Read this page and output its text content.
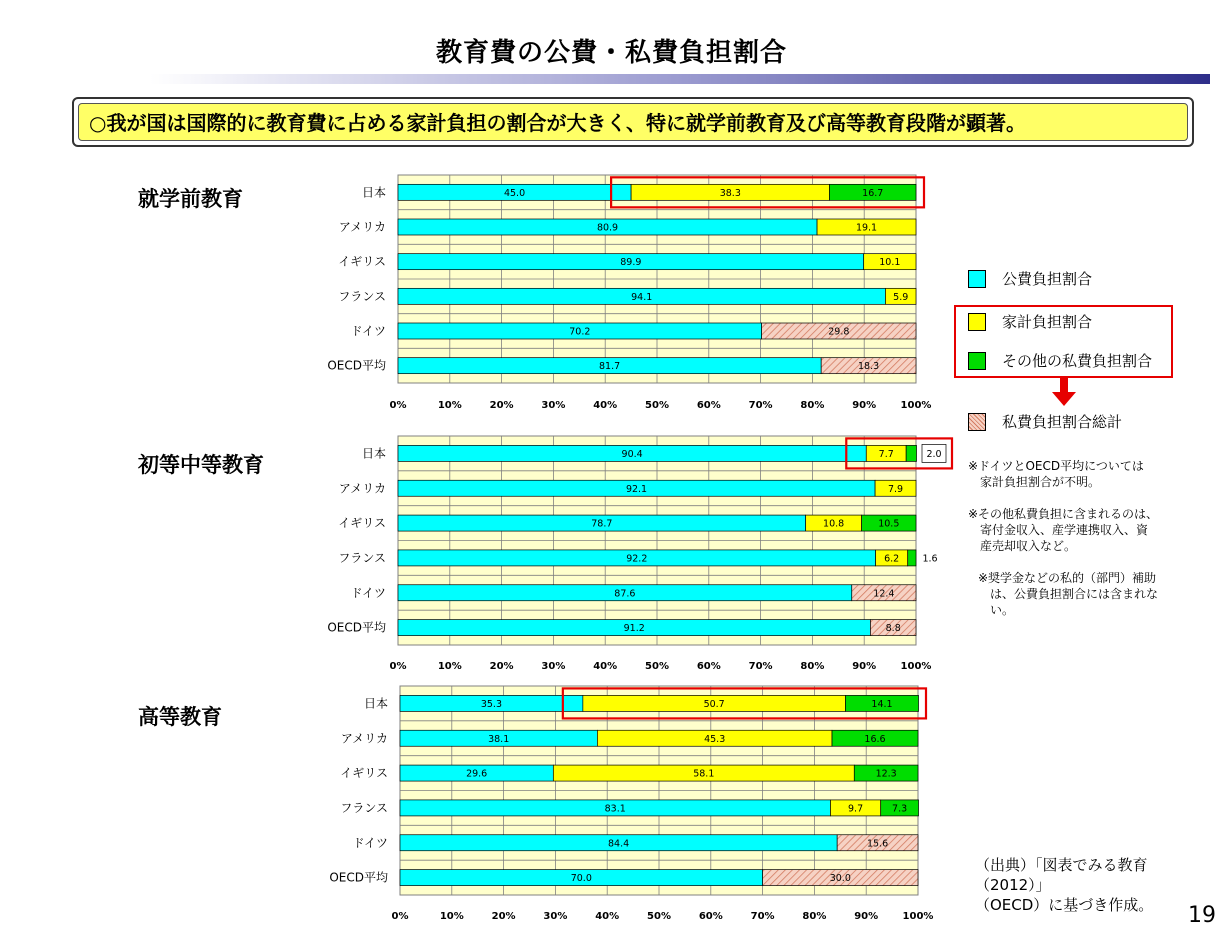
教育費の公費・私費負担割合
○我が国は国際的に教育費に占める家計負担の割合が大きく、特に就学前教育及び高等教育段階が顕著。
就学前教育
初等中等教育
高等教育
0%	10%	20%	30%	40%	50%	60%	70%	80%	90% 100%
日本	45.0	38.3	16.7
アメリカ	80.9	19.1
イギリス	89.9	10.1
フランス	94.1	5.9
ドイツ	70.2	29.8
OECD平均	81.7	18.3
0%	10%	20%	30%	40%	50%	60%	70%	80%	90% 100%
日本	90.4	7.7	2.0
アメリカ	92.1	7.9
イギリス	78.7	10.8	10.5
フランス	92.2	6.2 1.6
ドイツ	87.6	12.4
OECD平均	91.2	8.8
0%	10%	20%	30%	40%	50%	60%	70%	80%	90% 100%
日本	35.3	50.7	14.1
アメリカ	38.1	45.3	16.6
イギリス	29.6	58.1	12.3
フランス	83.1	9.7	7.3
ドイツ	84.4	15.6
OECD平均	70.0	30.0
公費負担割合
家計負担割合
その他の私費負担割合
私費負担割合総計
※ドイツとOECD平均については
　家計負担割合が不明。
※その他私費負担に含まれるのは、
　寄付金収入、産学連携収入、資
　産売却収入など。
※奨学金などの私的（部門）補助
　は、公費負担割合には含まれな
　い。
（出典）「図表でみる教育（2012）」
（OECD）に基づき作成。	19
